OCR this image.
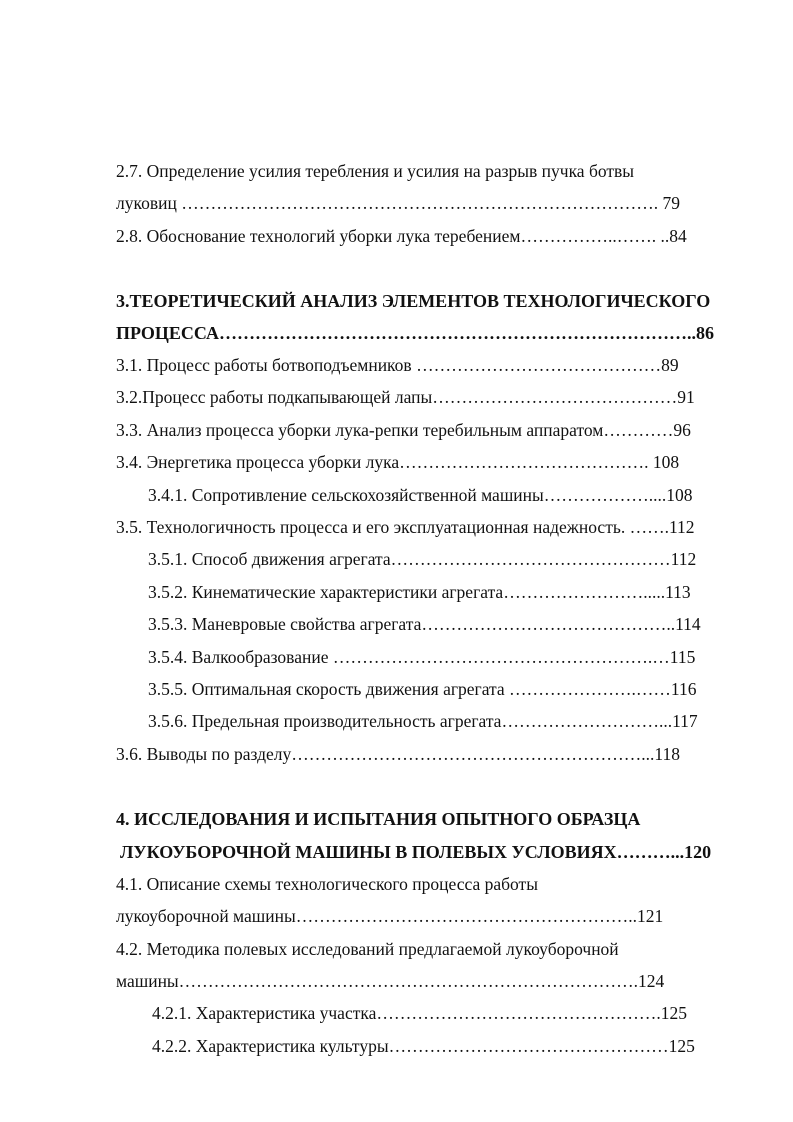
2.7. Определение усилия теребления и усилия на разрыв пучка ботвы
луковиц ………………………………………………………………………. 79
2.8. Обоснование технологий уборки лука теребением……………..……. ..84
3.ТЕОРЕТИЧЕСКИЙ АНАЛИЗ ЭЛЕМЕНТОВ ТЕХНОЛОГИЧЕСКОГО
ПРОЦЕССА……………………………………………………………………..86
3.1. Процесс работы ботвоподъемников ……………………………………89
3.2.Процесс работы подкапывающей лапы……………………………………91
3.3. Анализ процесса уборки лука-репки теребильным аппаратом…………96
3.4. Энергетика процесса уборки лука……………………………………. 108
3.4.1. Сопротивление сельскохозяйственной машины………………....108
3.5. Технологичность процесса и его эксплуатационная надежность. …….112
3.5.1. Способ движения агрегата…………………………………………112
3.5.2. Кинематические характеристики агрегата…………………….....113
3.5.3. Маневровые свойства агрегата……………………………………..114
3.5.4. Валкообразование ……………………………………………….…115
3.5.5. Оптимальная скорость движения агрегата ………………….……116
3.5.6. Предельная производительность агрегата………………………...117
3.6. Выводы по разделу……………………………………………………...118
4. ИССЛЕДОВАНИЯ И ИСПЫТАНИЯ ОПЫТНОГО ОБРАЗЦА
ЛУКОУБОРОЧНОЙ МАШИНЫ В ПОЛЕВЫХ УСЛОВИЯХ………...120
4.1. Описание схемы технологического процесса работы
лукоуборочной машины…………………………………………………..121
4.2. Методика полевых исследований предлагаемой лукоуборочной
машины…………………………………………………………………….124
4.2.1. Характеристика участка………………………………………….125
4.2.2. Характеристика культуры…………………………………………125
